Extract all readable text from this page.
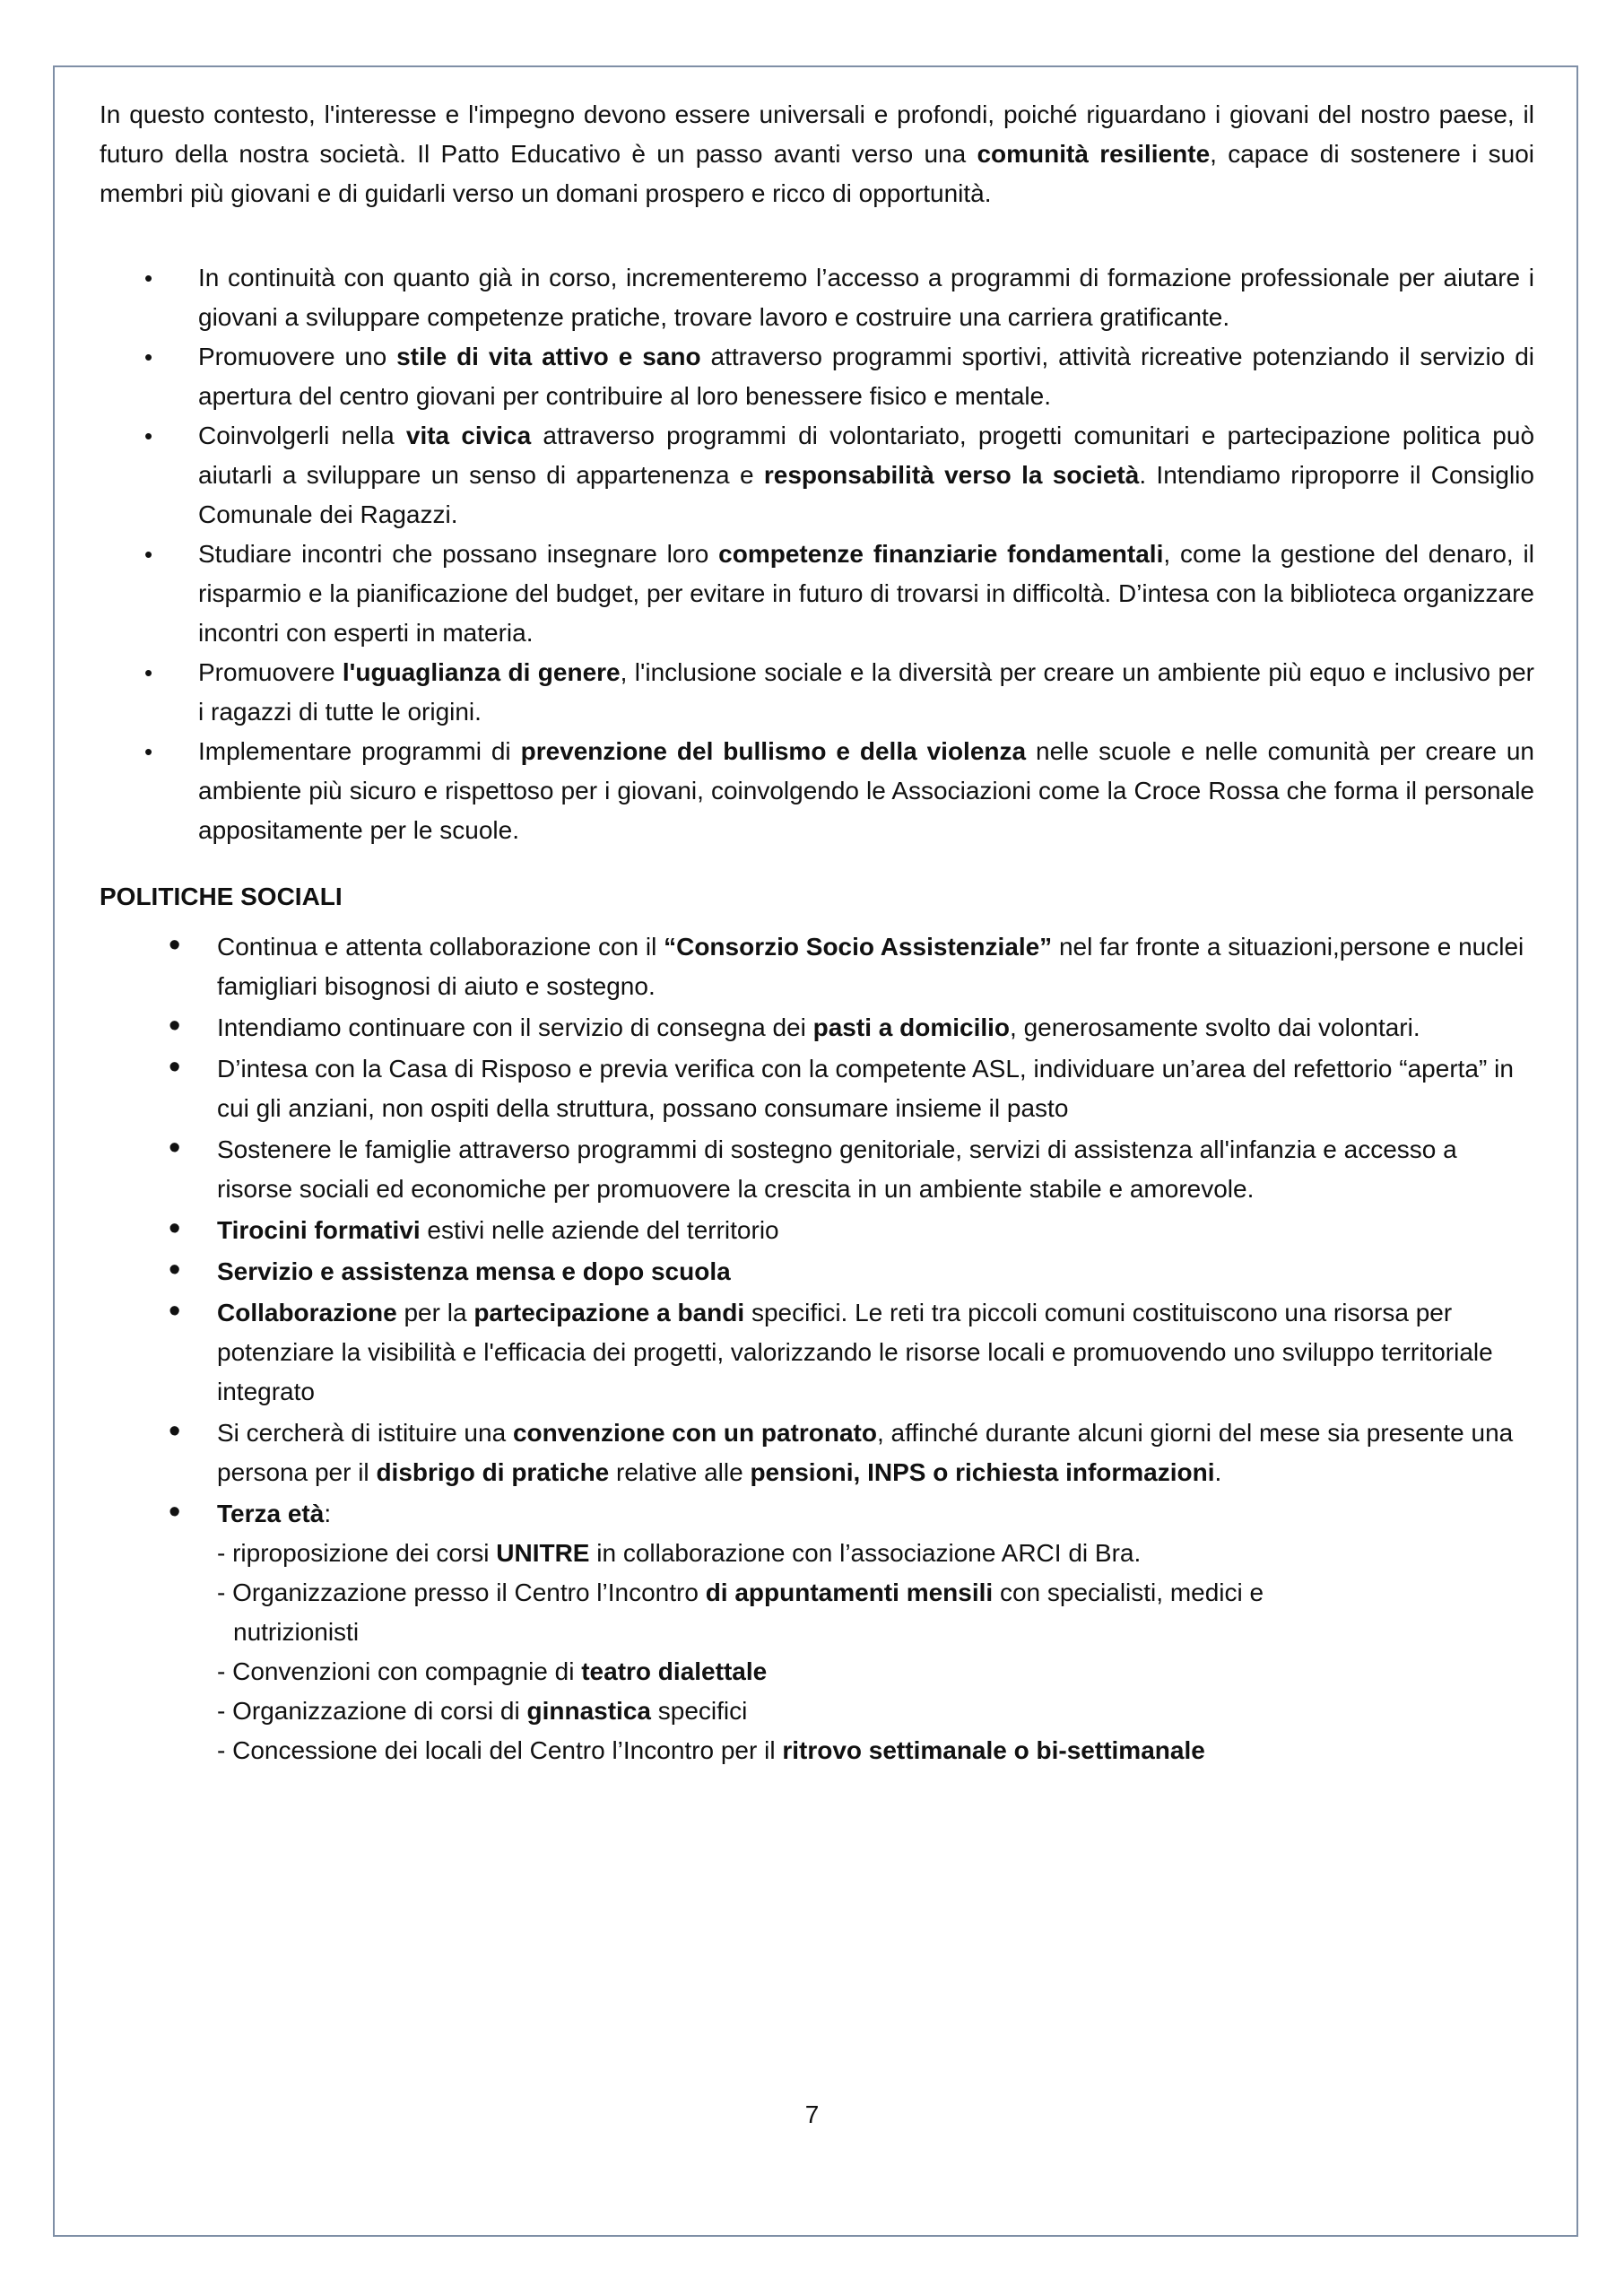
In questo contesto, l'interesse e l'impegno devono essere universali e profondi, poiché riguardano i giovani del nostro paese, il futuro della nostra società. Il Patto Educativo è un passo avanti verso una comunità resiliente, capace di sostenere i suoi membri più giovani e di guidarli verso un domani prospero e ricco di opportunità.

• In continuità con quanto già in corso, incrementeremo l’accesso a programmi di formazione professionale per aiutare i giovani a sviluppare competenze pratiche, trovare lavoro e costruire una carriera gratificante.
• Promuovere uno stile di vita attivo e sano attraverso programmi sportivi, attività ricreative potenziando il servizio di apertura del centro giovani per contribuire al loro benessere fisico e mentale.
• Coinvolgerli nella vita civica attraverso programmi di volontariato, progetti comunitari e partecipazione politica può aiutarli a sviluppare un senso di appartenenza e responsabilità verso la società. Intendiamo riproporre il Consiglio Comunale dei Ragazzi.
• Studiare incontri che possano insegnare loro competenze finanziarie fondamentali, come la gestione del denaro, il risparmio e la pianificazione del budget, per evitare in futuro di trovarsi in difficoltà. D’intesa con la biblioteca organizzare incontri con esperti in materia.
• Promuovere l'uguaglianza di genere, l'inclusione sociale e la diversità per creare un ambiente più equo e inclusivo per i ragazzi di tutte le origini.
• Implementare programmi di prevenzione del bullismo e della violenza nelle scuole e nelle comunità per creare un ambiente più sicuro e rispettoso per i giovani, coinvolgendo le Associazioni come la Croce Rossa che forma il personale appositamente per le scuole.
POLITICHE SOCIALI
• Continua e attenta collaborazione con il “Consorzio Socio Assistenziale” nel far fronte a situazioni,persone e nuclei famigliari bisognosi di aiuto e sostegno.
• Intendiamo continuare con il servizio di consegna dei pasti a domicilio, generosamente svolto dai volontari.
• D’intesa con la Casa di Risposo e previa verifica con la competente ASL, individuare un’area del refettorio “aperta” in cui gli anziani, non ospiti della struttura, possano consumare insieme il pasto
• Sostenere le famiglie attraverso programmi di sostegno genitoriale, servizi di assistenza all'infanzia e accesso a risorse sociali ed economiche per promuovere la crescita in un ambiente stabile e amorevole.
• Tirocini formativi estivi nelle aziende del territorio
• Servizio e assistenza mensa e dopo scuola
• Collaborazione per la partecipazione a bandi specifici. Le reti tra piccoli comuni costituiscono una risorsa per potenziare la visibilità e l'efficacia dei progetti, valorizzando le risorse locali e promuovendo uno sviluppo territoriale integrato
• Si cercherà di istituire una convenzione con un patronato, affinché durante alcuni giorni del mese sia presente una persona per il disbrigo di pratiche relative alle pensioni, INPS o richiesta informazioni.
• Terza età:
- riproposizione dei corsi UNITRE in collaborazione con l’associazione ARCI di Bra.
- Organizzazione presso il Centro l’Incontro di appuntamenti mensili con specialisti, medici e
nutrizionisti
- Convenzioni con compagnie di teatro dialettale
- Organizzazione di corsi di ginnastica specifici
- Concessione dei locali del Centro l’Incontro per il ritrovo settimanale o bi-settimanale
7
